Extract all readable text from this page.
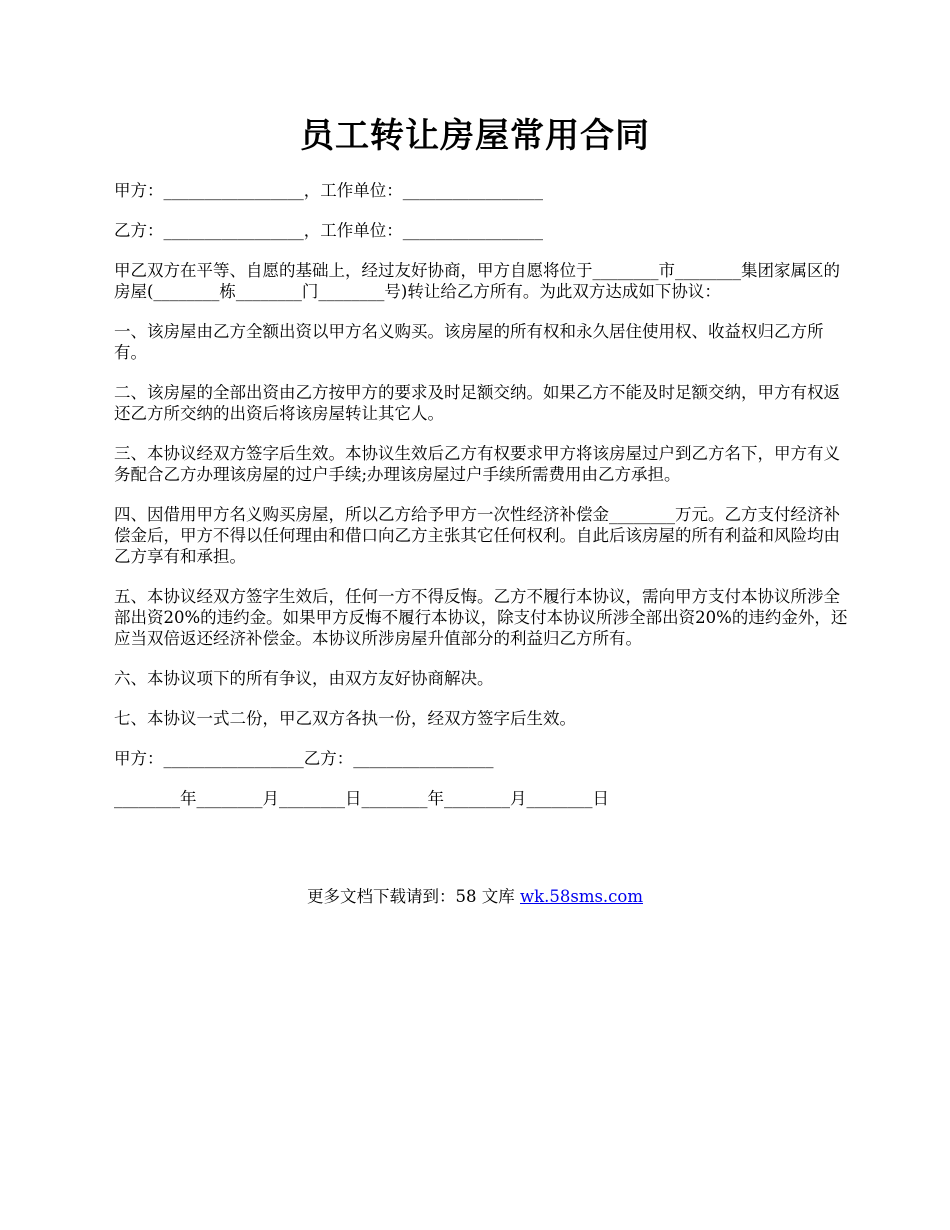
员工转让房屋常用合同

甲方：_________________，工作单位：_________________

乙方：_________________，工作单位：_________________

甲乙双方在平等、自愿的基础上，经过友好协商，甲方自愿将位于________市________集团家属区的房屋(________栋________门________号)转让给乙方所有。为此双方达成如下协议：

一、该房屋由乙方全额出资以甲方名义购买。该房屋的所有权和永久居住使用权、收益权归乙方所有。

二、该房屋的全部出资由乙方按甲方的要求及时足额交纳。如果乙方不能及时足额交纳，甲方有权返还乙方所交纳的出资后将该房屋转让其它人。

三、本协议经双方签字后生效。本协议生效后乙方有权要求甲方将该房屋过户到乙方名下，甲方有义务配合乙方办理该房屋的过户手续;办理该房屋过户手续所需费用由乙方承担。

四、因借用甲方名义购买房屋，所以乙方给予甲方一次性经济补偿金________万元。乙方支付经济补偿金后，甲方不得以任何理由和借口向乙方主张其它任何权利。自此后该房屋的所有利益和风险均由乙方享有和承担。

五、本协议经双方签字生效后，任何一方不得反悔。乙方不履行本协议，需向甲方支付本协议所涉全部出资20%的违约金。如果甲方反悔不履行本协议，除支付本协议所涉全部出资20%的违约金外，还应当双倍返还经济补偿金。本协议所涉房屋升值部分的利益归乙方所有。

六、本协议项下的所有争议，由双方友好协商解决。

七、本协议一式二份，甲乙双方各执一份，经双方签字后生效。

甲方：_________________乙方：_________________

________年________月________日________年________月________日

更多文档下载请到：58 文库 wk.58sms.com
